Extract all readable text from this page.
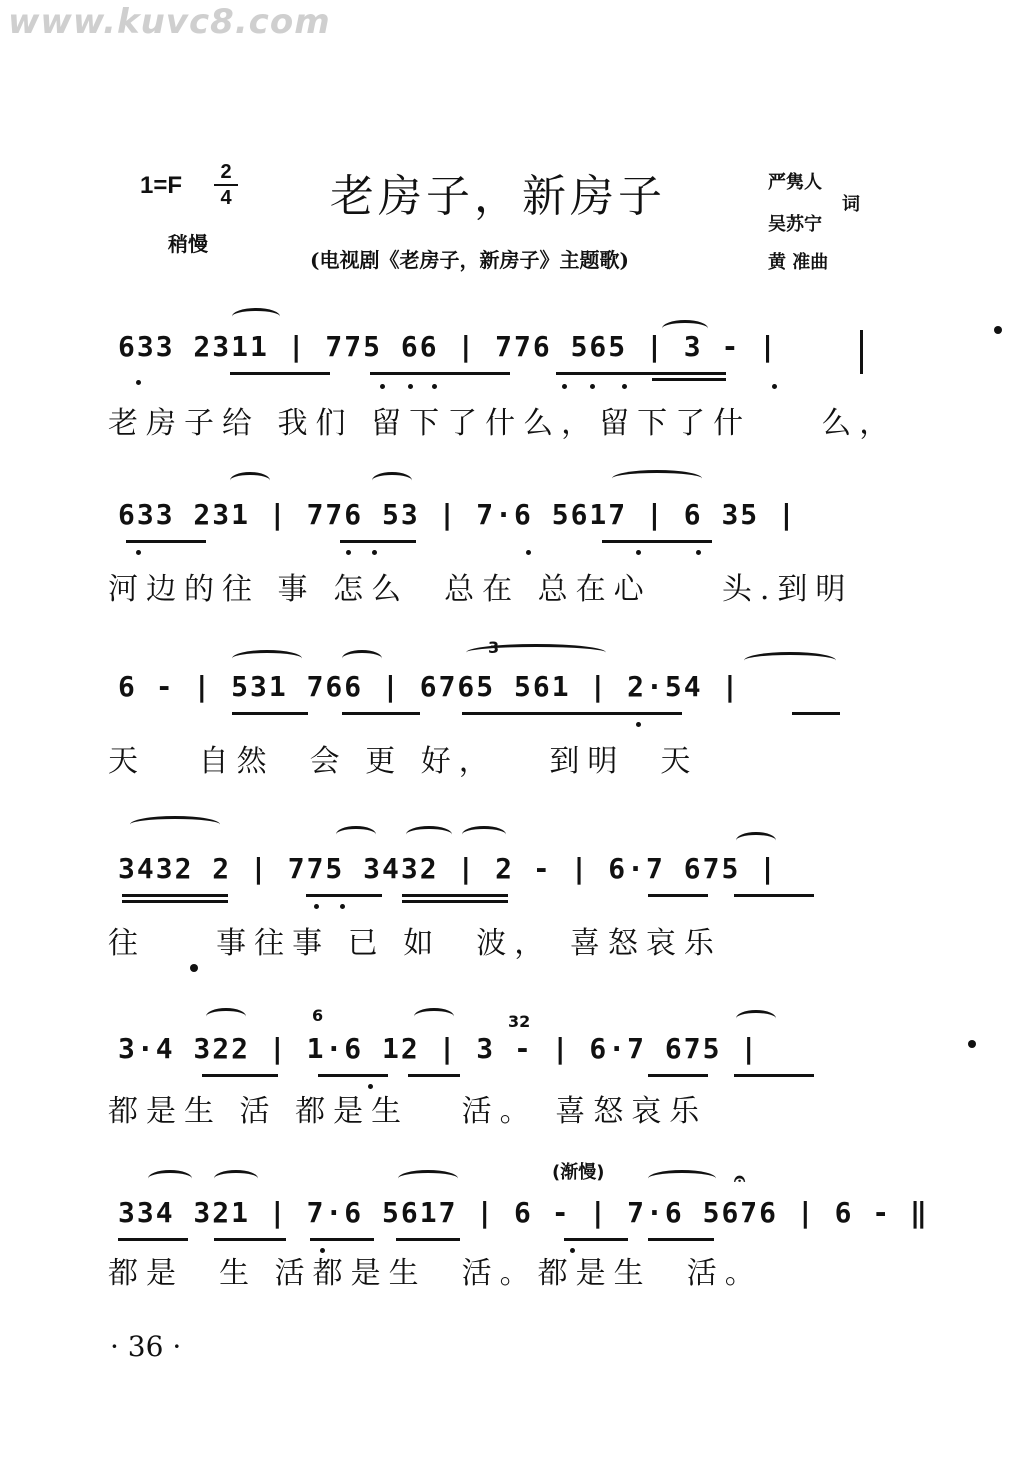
www.kuvc8.com
$1=F \frac{2}{4}$
稍慢
老房子，新房子
(电视剧《老房子，新房子》主题歌)
严隽人
词
吴苏宁
黄 准曲
633 2311 | 775 66 | 776 565 | 3 - |
老房子给 我们 留下了什么，留下了什    么，
633 231 | 776 53 | 7·6 5617 | 6 35 |
河边的往 事 怎么  总在 总在心    头.到明
3
6 - | 531 766 | 6765 561 | 2·54 |
天   自然  会 更 好，   到明  天
3432 2 | 775 3432 | 2 - | 6·7 675 |
往    事往事 已 如  波， 喜怒哀乐
6	32
3·4 322 | 1·6 12 | 3 - | 6·7 675 |
都是生 活 都是生   活。 喜怒哀乐
(渐慢)	𝄐
334 321 | 7·6 5617 | 6 - | 7·6 5676 | 6 - ‖
都是  生 活都是生  活。都是生  活。
· 36 ·
